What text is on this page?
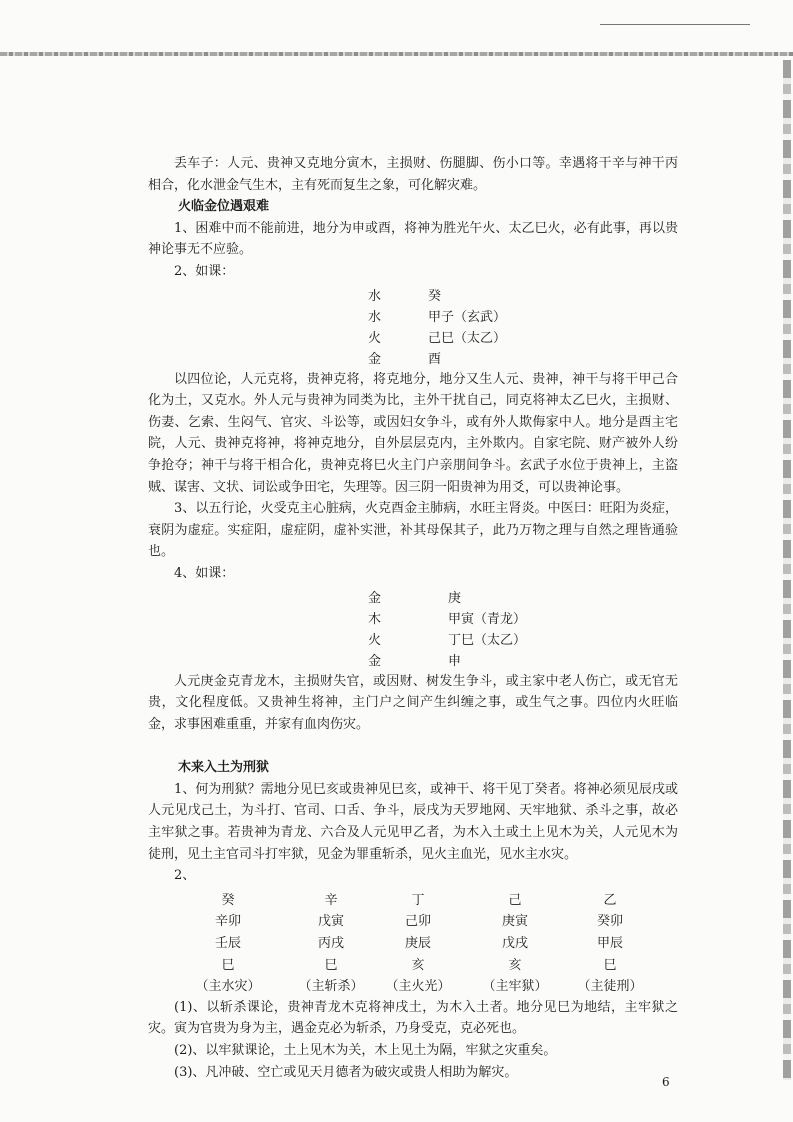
丢车子：人元、贵神又克地分寅木，主损财、伤腿脚、伤小口等。幸遇将干辛与神干丙相合，化水泄金气生木，主有死而复生之象，可化解灾难。

火临金位遇艰难

1、困难中而不能前进，地分为申或酉，将神为胜光午火、太乙巳火，必有此事，再以贵神论事无不应验。

2、如课：

水	癸
水	甲子（玄武）
火	己巳（太乙）
金	酉

以四位论，人元克将，贵神克将，将克地分，地分又生人元、贵神，神干与将干甲己合化为土，又克水。外人元与贵神为同类为比，主外干扰自己，同克将神太乙巳火，主损财、伤妻、乞索、生闷气、官灾、斗讼等，或因妇女争斗，或有外人欺侮家中人。地分是酉主宅院，人元、贵神克将神，将神克地分，自外层层克内，主外欺内。自家宅院、财产被外人纷争抢夺；神干与将干相合化，贵神克将巳火主门户亲朋间争斗。玄武子水位于贵神上，主盗贼、谋害、文状、词讼或争田宅，失理等。因三阴一阳贵神为用爻，可以贵神论事。

3、以五行论，火受克主心脏病，火克酉金主肺病，水旺主肾炎。中医曰：旺阳为炎症，衰阴为虚症。实症阳，虚症阴，虚补实泄，补其母保其子，此乃万物之理与自然之理皆通验也。

4、如课：

金	庚
木	甲寅（青龙）
火	丁巳（太乙）
金	申

人元庚金克青龙木，主损财失官，或因财、树发生争斗，或主家中老人伤亡，或无官无贵，文化程度低。又贵神生将神，主门户之间产生纠缠之事，或生气之事。四位内火旺临金，求事困难重重，并家有血肉伤灾。

木来入土为刑狱

1、何为刑狱？需地分见巳亥或贵神见巳亥，或神干、将干见丁癸者。将神必须见辰戌或人元见戊己土，为斗打、官司、口舌、争斗，辰戌为天罗地网、天牢地狱、杀斗之事，故必主牢狱之事。若贵神为青龙、六合及人元见甲乙者，为木入土或土上见木为关，人元见木为徒刑，见土主官司斗打牢狱，见金为罪重斩杀，见火主血光，见水主水灾。

2、

癸	辛	丁	己	乙
辛卯	戊寅	己卯	庚寅	癸卯
壬辰	丙戌	庚辰	戊戌	甲辰
巳	巳	亥	亥	巳
（主水灾）	（主斩杀） （主火光） （主牢狱） （主徒刑）

(1)、以斩杀课论，贵神青龙木克将神戌土，为木入土者。地分见巳为地结，主牢狱之灾。寅为官贵为身为主，遇金克必为斩杀，乃身受克，克必死也。

(2)、以牢狱课论，土上见木为关，木上见土为隔，牢狱之灾重矣。

(3)、凡冲破、空亡或见天月德者为破灾或贵人相助为解灾。

6
